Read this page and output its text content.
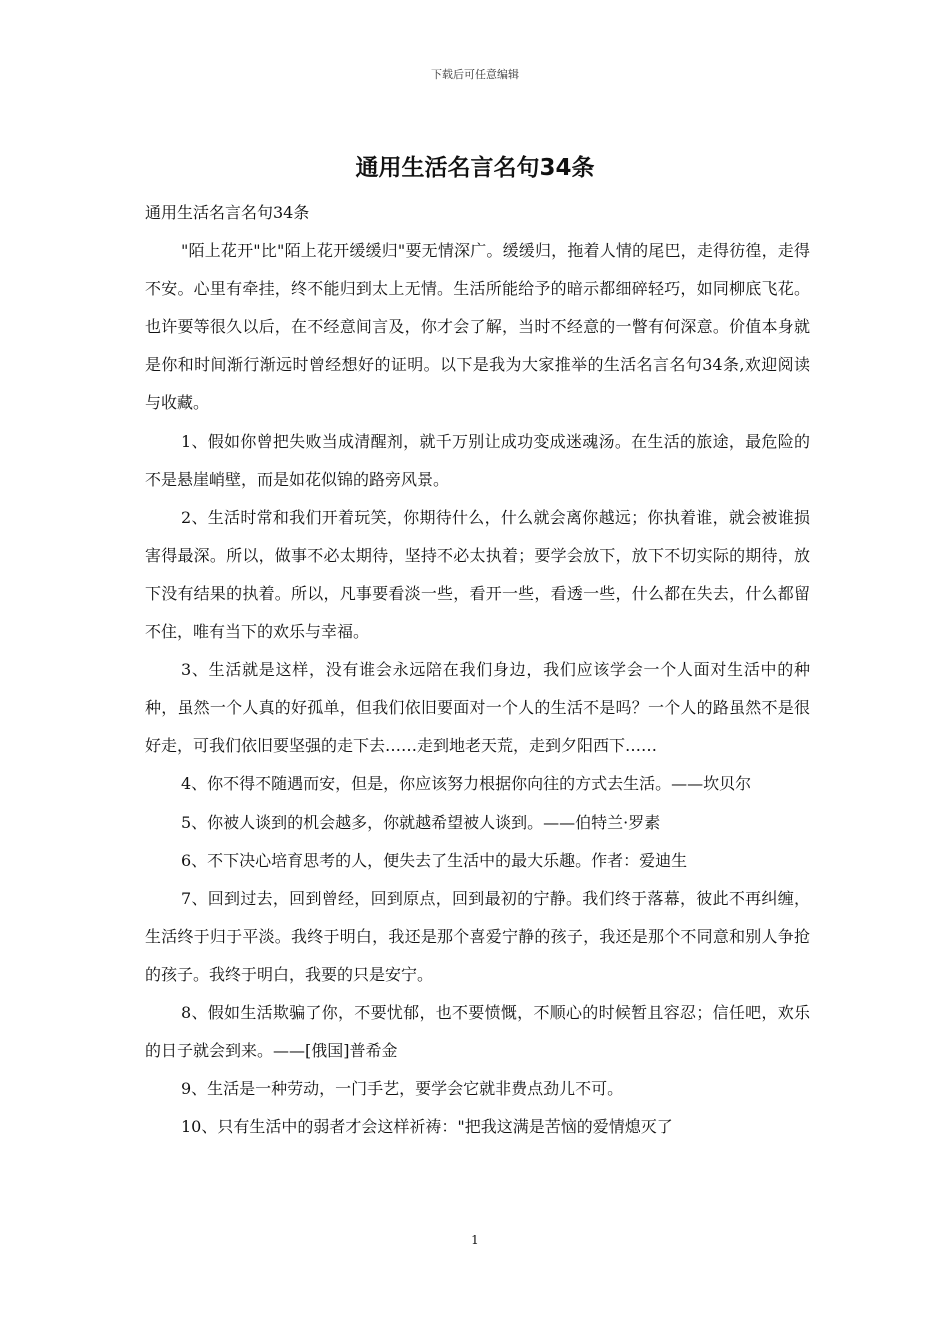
下载后可任意编辑
通用生活名言名句34条

通用生活名言名句34条

"陌上花开"比"陌上花开缓缓归"要无情深广。缓缓归，拖着人情的尾巴，走得彷徨，走得不安。心里有牵挂，终不能归到太上无情。生活所能给予的暗示都细碎轻巧，如同柳底飞花。也许要等很久以后，在不经意间言及，你才会了解，当时不经意的一瞥有何深意。价值本身就是你和时间渐行渐远时曾经想好的证明。以下是我为大家推举的生活名言名句34条,欢迎阅读与收藏。

1、假如你曾把失败当成清醒剂，就千万别让成功变成迷魂汤。在生活的旅途，最危险的不是悬崖峭壁，而是如花似锦的路旁风景。

2、生活时常和我们开着玩笑，你期待什么，什么就会离你越远；你执着谁，就会被谁损害得最深。所以，做事不必太期待，坚持不必太执着；要学会放下，放下不切实际的期待，放下没有结果的执着。所以，凡事要看淡一些，看开一些，看透一些，什么都在失去，什么都留不住，唯有当下的欢乐与幸福。

3、生活就是这样，没有谁会永远陪在我们身边，我们应该学会一个人面对生活中的种种，虽然一个人真的好孤单，但我们依旧要面对一个人的生活不是吗？一个人的路虽然不是很好走，可我们依旧要坚强的走下去……走到地老天荒，走到夕阳西下……

4、你不得不随遇而安，但是，你应该努力根据你向往的方式去生活。——坎贝尔

5、你被人谈到的机会越多，你就越希望被人谈到。——伯特兰·罗素

6、不下决心培育思考的人，便失去了生活中的最大乐趣。作者：爱迪生

7、回到过去，回到曾经，回到原点，回到最初的宁静。我们终于落幕，彼此不再纠缠，生活终于归于平淡。我终于明白，我还是那个喜爱宁静的孩子，我还是那个不同意和别人争抢的孩子。我终于明白，我要的只是安宁。

8、假如生活欺骗了你，不要忧郁，也不要愤慨，不顺心的时候暂且容忍；信任吧，欢乐的日子就会到来。——[俄国]普希金

9、生活是一种劳动，一门手艺，要学会它就非费点劲儿不可。

10、只有生活中的弱者才会这样祈祷："把我这满是苦恼的爱情熄灭了

1
